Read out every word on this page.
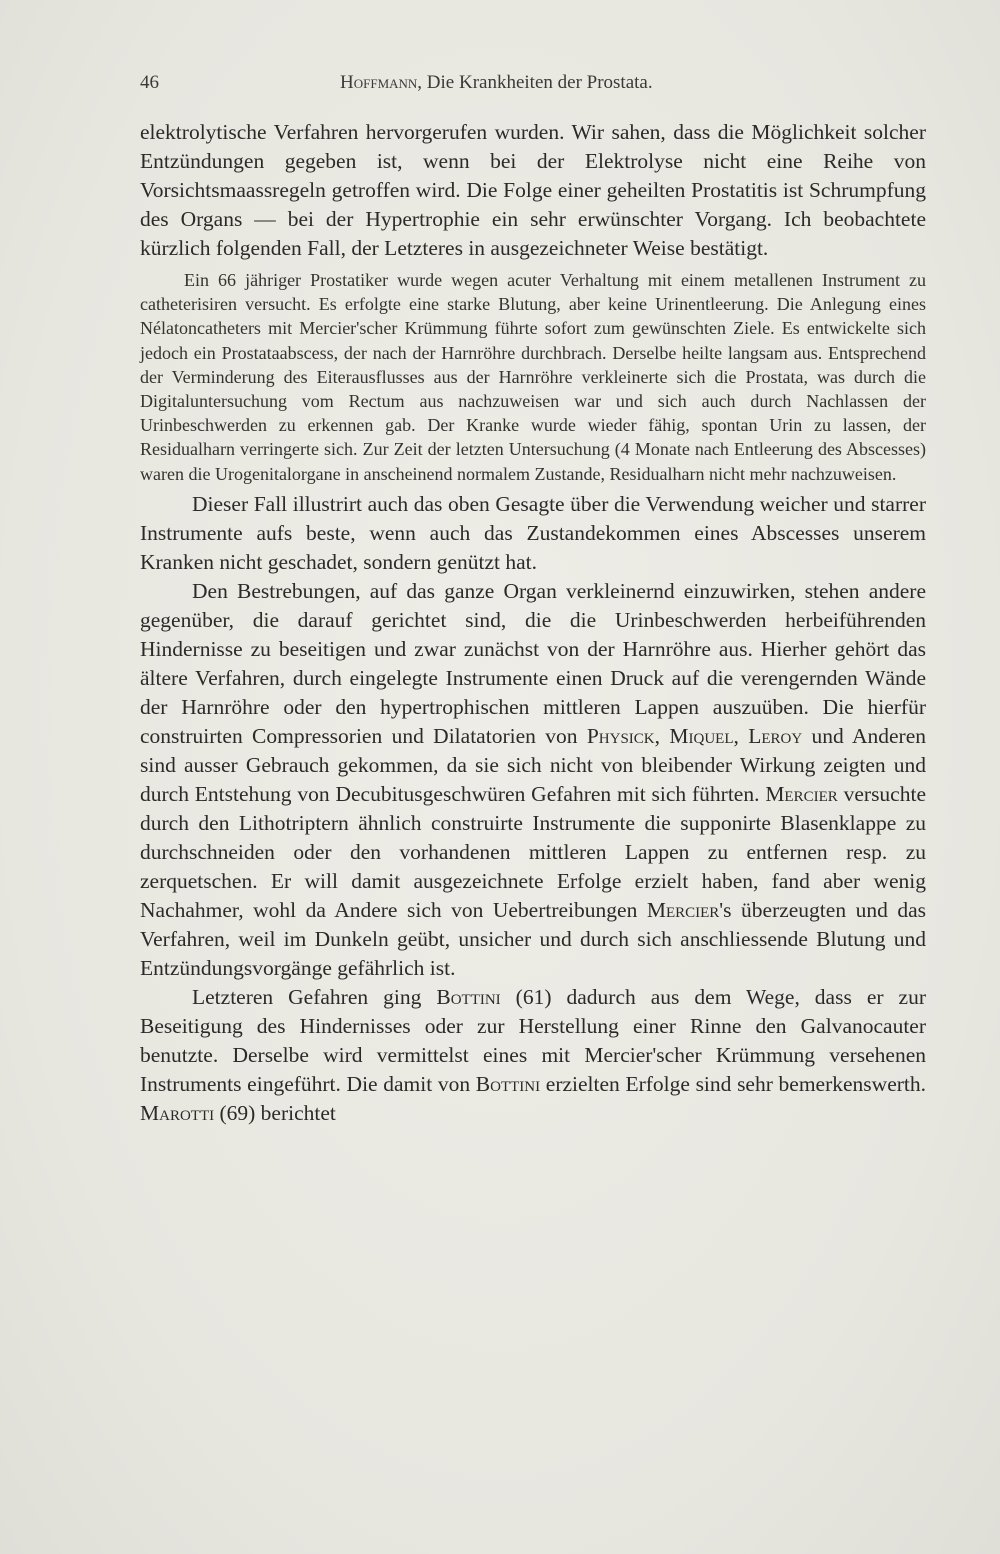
46	Hoffmann, Die Krankheiten der Prostata.

elektrolytische Verfahren hervorgerufen wurden. Wir sahen, dass die Möglichkeit solcher Entzündungen gegeben ist, wenn bei der Elektrolyse nicht eine Reihe von Vorsichtsmaassregeln getroffen wird. Die Folge einer geheilten Prostatitis ist Schrumpfung des Organs — bei der Hypertrophie ein sehr erwünschter Vorgang. Ich beobachtete kürzlich folgenden Fall, der Letzteres in ausgezeichneter Weise bestätigt.

Ein 66 jähriger Prostatiker wurde wegen acuter Verhaltung mit einem metallenen Instrument zu catheterisiren versucht. Es erfolgte eine starke Blutung, aber keine Urinentleerung. Die Anlegung eines Nélatoncatheters mit Mercier'scher Krümmung führte sofort zum gewünschten Ziele. Es entwickelte sich jedoch ein Prostataabscess, der nach der Harnröhre durchbrach. Derselbe heilte langsam aus. Entsprechend der Verminderung des Eiterausflusses aus der Harnröhre verkleinerte sich die Prostata, was durch die Digitaluntersuchung vom Rectum aus nachzuweisen war und sich auch durch Nachlassen der Urinbeschwerden zu erkennen gab. Der Kranke wurde wieder fähig, spontan Urin zu lassen, der Residualharn verringerte sich. Zur Zeit der letzten Untersuchung (4 Monate nach Entleerung des Abscesses) waren die Urogenitalorgane in anscheinend normalem Zustande, Residualharn nicht mehr nachzuweisen.

Dieser Fall illustrirt auch das oben Gesagte über die Verwendung weicher und starrer Instrumente aufs beste, wenn auch das Zustandekommen eines Abscesses unserem Kranken nicht geschadet, sondern genützt hat.

Den Bestrebungen, auf das ganze Organ verkleinernd einzuwirken, stehen andere gegenüber, die darauf gerichtet sind, die die Urinbeschwerden herbeiführenden Hindernisse zu beseitigen und zwar zunächst von der Harnröhre aus. Hierher gehört das ältere Verfahren, durch eingelegte Instrumente einen Druck auf die verengernden Wände der Harnröhre oder den hypertrophischen mittleren Lappen auszuüben. Die hierfür construirten Compressorien und Dilatatorien von Physick, Miquel, Leroy und Anderen sind ausser Gebrauch gekommen, da sie sich nicht von bleibender Wirkung zeigten und durch Entstehung von Decubitusgeschwüren Gefahren mit sich führten. Mercier versuchte durch den Lithotriptern ähnlich construirte Instrumente die supponirte Blasenklappe zu durchschneiden oder den vorhandenen mittleren Lappen zu entfernen resp. zu zerquetschen. Er will damit ausgezeichnete Erfolge erzielt haben, fand aber wenig Nachahmer, wohl da Andere sich von Uebertreibungen Mercier's überzeugten und das Verfahren, weil im Dunkeln geübt, unsicher und durch sich anschliessende Blutung und Entzündungsvorgänge gefährlich ist.

Letzteren Gefahren ging Bottini (61) dadurch aus dem Wege, dass er zur Beseitigung des Hindernisses oder zur Herstellung einer Rinne den Galvanocauter benutzte. Derselbe wird vermittelst eines mit Mercier'scher Krümmung versehenen Instruments eingeführt. Die damit von Bottini erzielten Erfolge sind sehr bemerkenswerth. Marotti (69) berichtet
